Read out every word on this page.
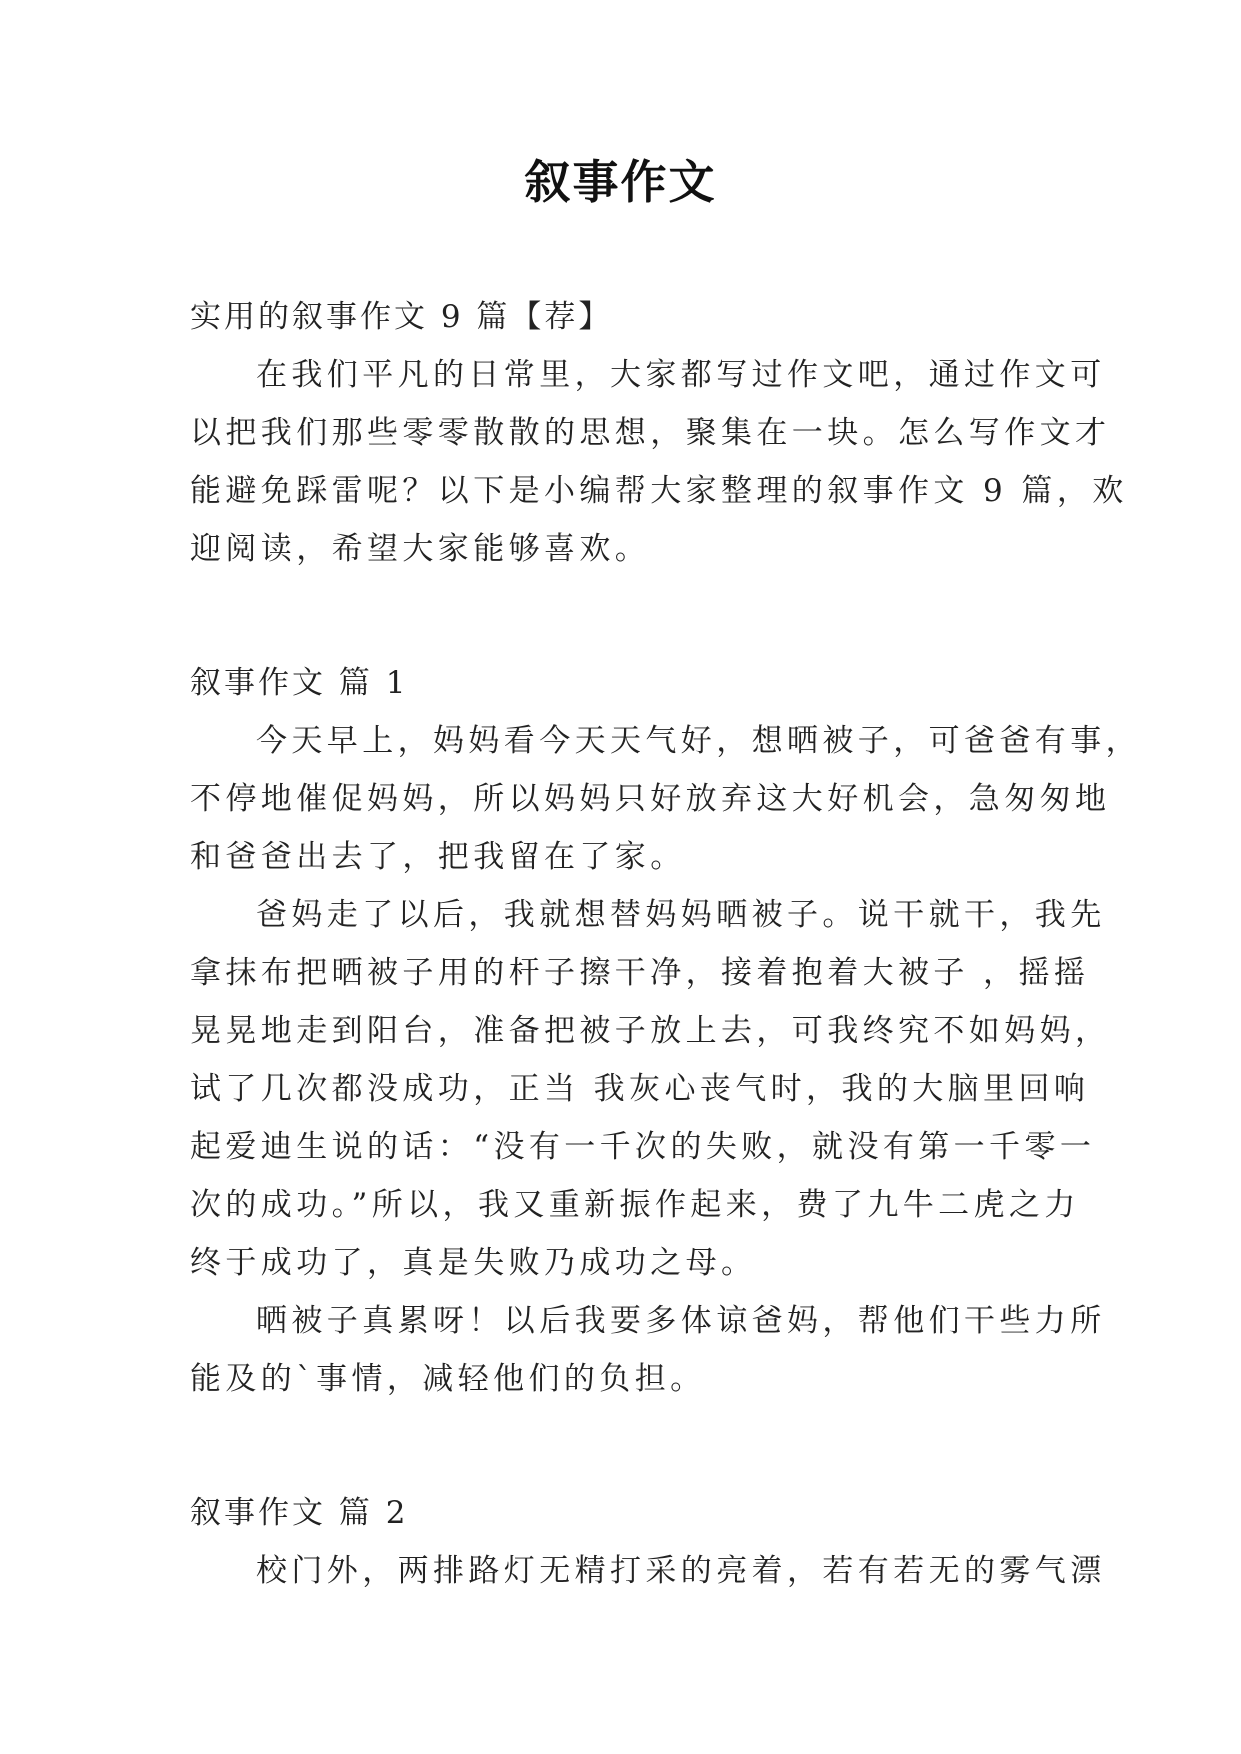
叙事作文

实用的叙事作文 9 篇【荐】

在我们平凡的日常里，大家都写过作文吧，通过作文可

以把我们那些零零散散的思想，聚集在一块。怎么写作文才

能避免踩雷呢？以下是小编帮大家整理的叙事作文 9 篇，欢

迎阅读，希望大家能够喜欢。

叙事作文 篇 1

今天早上，妈妈看今天天气好，想晒被子，可爸爸有事，

不停地催促妈妈，所以妈妈只好放弃这大好机会，急匆匆地

和爸爸出去了，把我留在了家。

爸妈走了以后，我就想替妈妈晒被子。说干就干，我先

拿抹布把晒被子用的杆子擦干净，接着抱着大被子 ，摇摇

晃晃地走到阳台，准备把被子放上去，可我终究不如妈妈，

试了几次都没成功，正当 我灰心丧气时，我的大脑里回响

起爱迪生说的话：“没有一千次的失败，就没有第一千零一

次的成功。”所以，我又重新振作起来，费了九牛二虎之力

终于成功了，真是失败乃成功之母。

晒被子真累呀！以后我要多体谅爸妈，帮他们干些力所

能及的`事情，减轻他们的负担。

叙事作文 篇 2

校门外，两排路灯无精打采的亮着，若有若无的雾气漂
